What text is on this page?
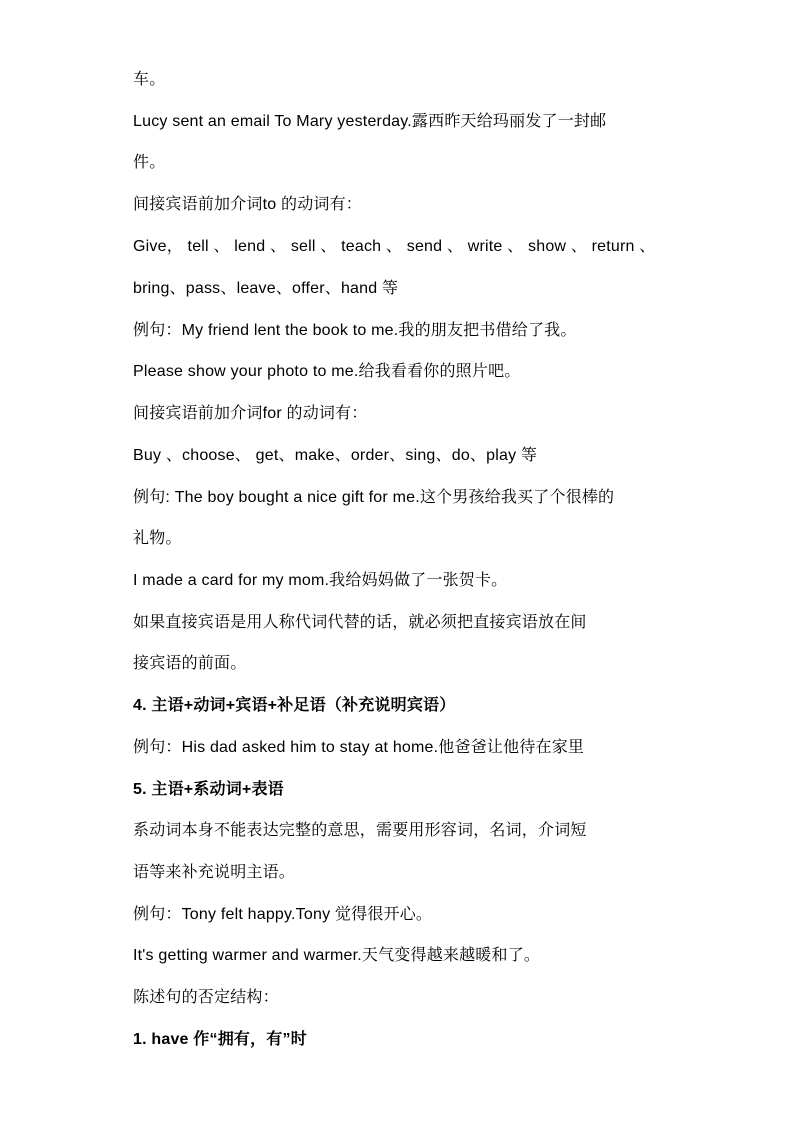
车。
Lucy sent an email To Mary yesterday.露西昨天给玛丽发了一封邮
件。
间接宾语前加介词to 的动词有：
Give， tell 、 lend 、 sell 、 teach 、 send 、 write 、 show 、 return 、
bring、pass、leave、offer、hand 等
例句：My friend lent the book to me.我的朋友把书借给了我。
Please show your photo to me.给我看看你的照片吧。
间接宾语前加介词for 的动词有：
Buy 、choose、 get、make、order、sing、do、play 等
例句: The boy bought a nice gift for me.这个男孩给我买了个很棒的
礼物。
I made a card for my mom.我给妈妈做了一张贺卡。
如果直接宾语是用人称代词代替的话，就必须把直接宾语放在间
接宾语的前面。
4. 主语+动词+宾语+补足语（补充说明宾语）
例句：His dad asked him to stay at home.他爸爸让他待在家里
5. 主语+系动词+表语
系动词本身不能表达完整的意思，需要用形容词，名词，介词短
语等来补充说明主语。
例句：Tony felt happy.Tony 觉得很开心。
It's getting warmer and warmer.天气变得越来越暖和了。
陈述句的否定结构：
1. have 作“拥有，有”时
